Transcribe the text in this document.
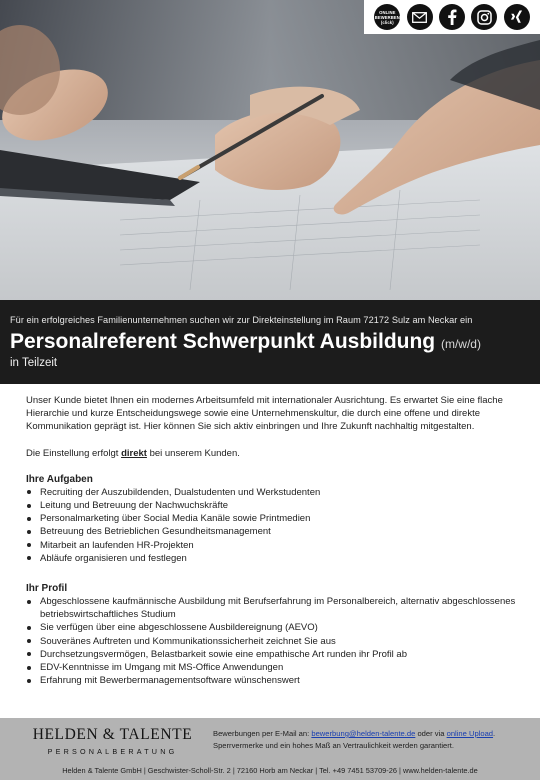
ONLINE
BEWERBEN
(click)
Für ein erfolgreiches Familienunternehmen suchen wir zur Direkteinstellung im Raum 72172 Sulz am Neckar ein
Personalreferent Schwerpunkt Ausbildung (m/w/d)
in Teilzeit

Unser Kunde bietet Ihnen ein modernes Arbeitsumfeld mit internationaler Ausrichtung. Es erwartet Sie eine flache Hierarchie und kurze Entscheidungswege sowie eine Unternehmenskultur, die durch eine offene und direkte Kommunikation geprägt ist. Hier können Sie sich aktiv einbringen und Ihre Zukunft nachhaltig mitgestalten.

Die Einstellung erfolgt direkt bei unserem Kunden.

Ihre Aufgaben
Recruiting der Auszubildenden, Dualstudenten und Werkstudenten
Leitung und Betreuung der Nachwuchskräfte
Personalmarketing über Social Media Kanäle sowie Printmedien
Betreuung des Betrieblichen Gesundheitsmanagement
Mitarbeit an laufenden HR-Projekten
Abläufe organisieren und festlegen
Ihr Profil
Abgeschlossene kaufmännische Ausbildung mit Berufserfahrung im Personalbereich, alternativ abgeschlossenes betriebswirtschaftliches Studium
Sie verfügen über eine abgeschlossene Ausbildereignung (AEVO)
Souveränes Auftreten und Kommunikationssicherheit zeichnet Sie aus
Durchsetzungsvermögen, Belastbarkeit sowie eine empathische Art runden ihr Profil ab
EDV-Kenntnisse im Umgang mit MS-Office Anwendungen
Erfahrung mit Bewerbermanagementsoftware wünschenswert
HELDEN & TALENTE
PERSONALBERATUNG
Bewerbungen per E-Mail an: bewerbung@helden-talente.de oder via online Upload.
Sperrvermerke und ein hohes Maß an Vertraulichkeit werden garantiert.
Helden & Talente GmbH | Geschwister-Scholl-Str. 2 | 72160 Horb am Neckar | Tel. +49 7451 53709-26 | www.helden-talente.de
